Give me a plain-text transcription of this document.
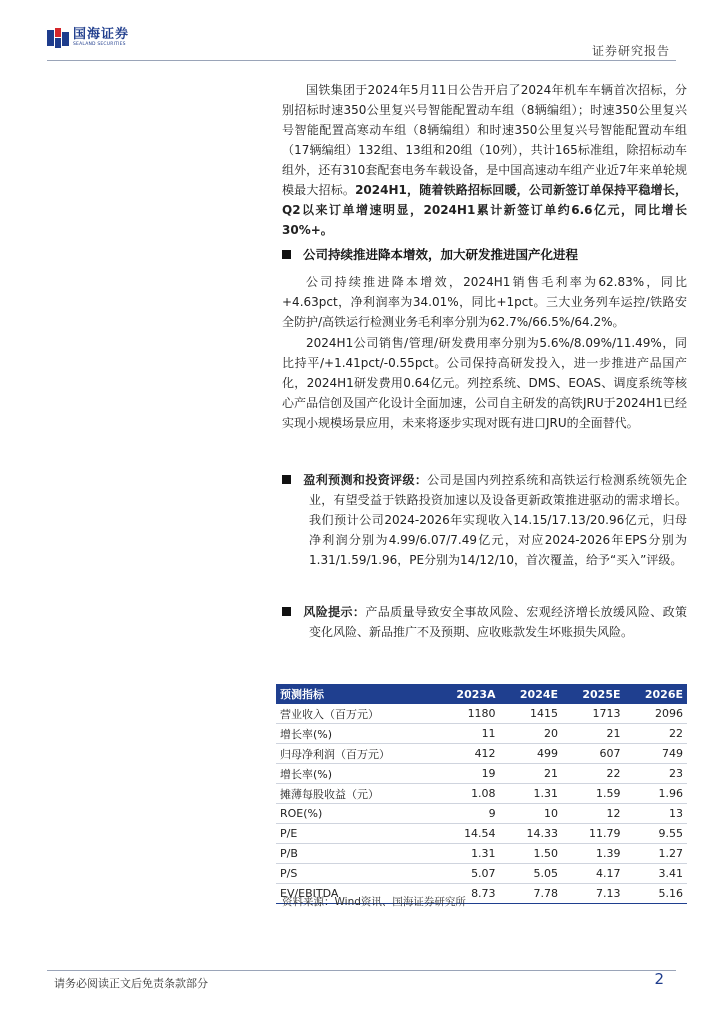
国海证券
SEALAND SECURITIES	证券研究报告

国铁集团于2024年5月11日公告开启了2024年机车车辆首次招标，分别招标时速350公里复兴号智能配置动车组（8辆编组）；时速350公里复兴号智能配置高寒动车组（8辆编组）和时速350公里复兴号智能配置动车组（17辆编组）132组、13组和20组（10列），共计165标准组，除招标动车组外，还有310套配套电务车载设备，是中国高速动车组产业近7年来单轮规模最大招标。2024H1，随着铁路招标回暖，公司新签订单保持平稳增长，Q2以来订单增速明显，2024H1累计新签订单约6.6亿元，同比增长30%+。

公司持续推进降本增效，加大研发推进国产化进程

公司持续推进降本增效，2024H1销售毛利率为62.83%，同比+4.63pct，净利润率为34.01%，同比+1pct。三大业务列车运控/铁路安全防护/高铁运行检测业务毛利率分别为62.7%/66.5%/64.2%。

2024H1公司销售/管理/研发费用率分别为5.6%/8.09%/11.49%，同比持平/+1.41pct/-0.55pct。公司保持高研发投入，进一步推进产品国产化，2024H1研发费用0.64亿元。列控系统、DMS、EOAS、调度系统等核心产品信创及国产化设计全面加速，公司自主研发的高铁JRU于2024H1已经实现小规模场景应用，未来将逐步实现对既有进口JRU的全面替代。

盈利预测和投资评级：公司是国内列控系统和高铁运行检测系统领先企业，有望受益于铁路投资加速以及设备更新政策推进驱动的需求增长。我们预计公司2024-2026年实现收入14.15/17.13/20.96亿元，归母净利润分别为4.99/6.07/7.49亿元，对应2024-2026年EPS分别为1.31/1.59/1.96，PE分别为14/12/10，首次覆盖，给予“买入”评级。
风险提示：产品质量导致安全事故风险、宏观经济增长放缓风险、政策变化风险、新品推广不及预期、应收账款发生坏账损失风险。
预测指标	2023A	2024E	2025E	2026E
营业收入（百万元）	1180	1415	1713	2096
增长率(%)	11	20	21	22
归母净利润（百万元）	412	499	607	749
增长率(%)	19	21	22	23
摊薄每股收益（元）	1.08	1.31	1.59	1.96
ROE(%)	9	10	12	13
P/E	14.54	14.33	11.79	9.55
P/B	1.31	1.50	1.39	1.27
P/S	5.07	5.05	4.17	3.41
EV/EBITDA	8.73	7.78	7.13	5.16
资料来源：Wind资讯、国海证券研究所
请务必阅读正文后免责条款部分	2
